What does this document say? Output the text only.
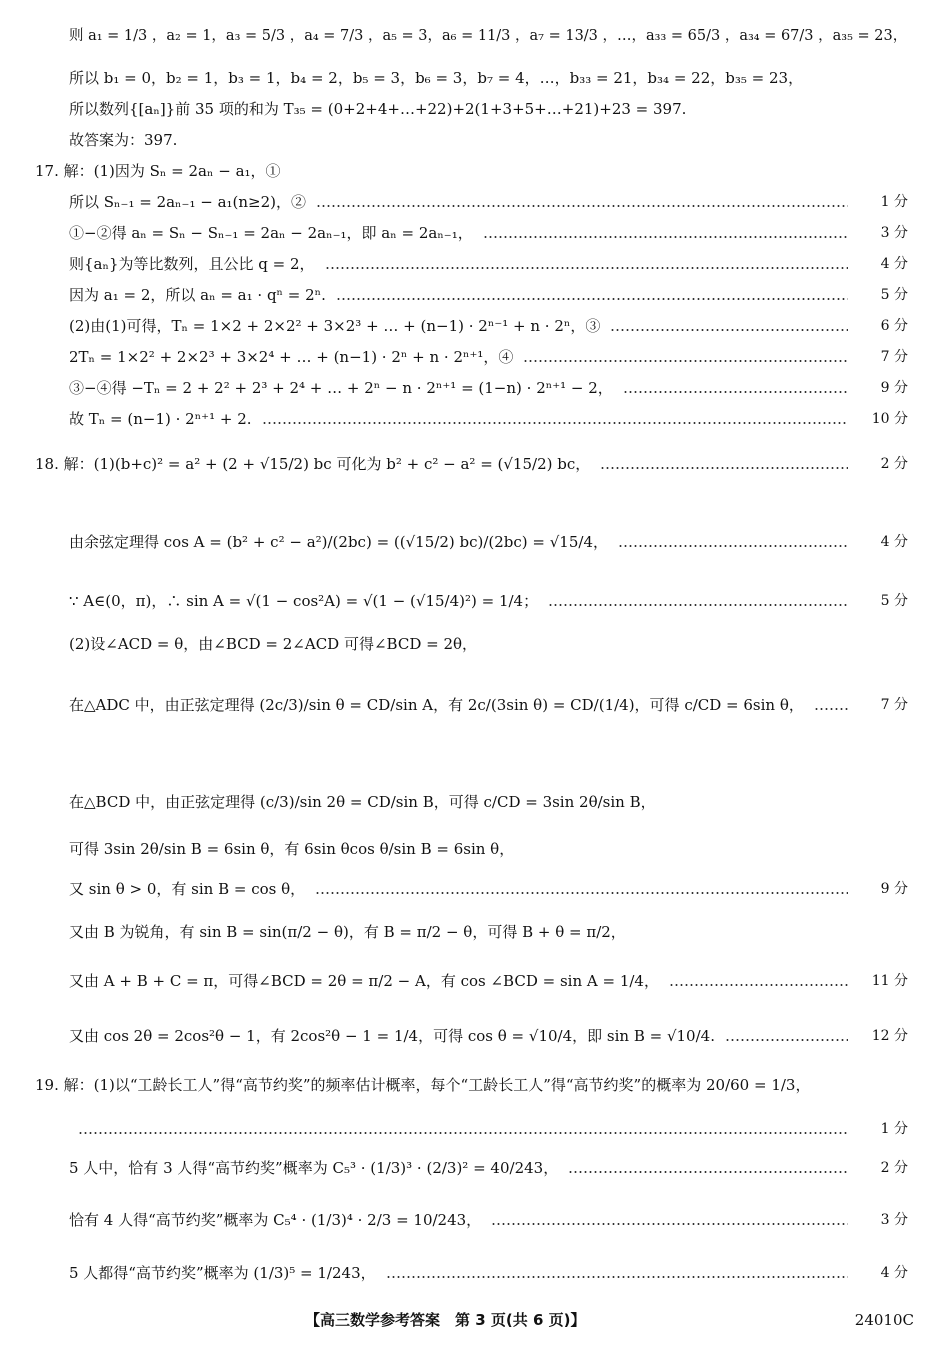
则 a₁ = 1/3 ，a₂ = 1，a₃ = 5/3 ，a₄ = 7/3 ，a₅ = 3，a₆ = 11/3 ，a₇ = 13/3 ，…，a₃₃ = 65/3 ，a₃₄ = 67/3 ，a₃₅ = 23，
所以 b₁ = 0，b₂ = 1，b₃ = 1，b₄ = 2，b₅ = 3，b₆ = 3，b₇ = 4，…，b₃₃ = 21，b₃₄ = 22，b₃₅ = 23，
所以数列{[aₙ]}前 35 项的和为 T₃₅ = (0+2+4+…+22)+2(1+3+5+…+21)+23 = 397.
故答案为：397.
17. 解：(1)因为 Sₙ = 2aₙ − a₁，①
所以 Sₙ₋₁ = 2aₙ₋₁ − a₁(n≥2)，②	1 分
①−②得 aₙ = Sₙ − Sₙ₋₁ = 2aₙ − 2aₙ₋₁，即 aₙ = 2aₙ₋₁，	3 分
则{aₙ}为等比数列，且公比 q = 2，	4 分
因为 a₁ = 2，所以 aₙ = a₁ · qⁿ = 2ⁿ.	5 分
(2)由(1)可得，Tₙ = 1×2 + 2×2² + 3×2³ + … + (n−1) · 2ⁿ⁻¹ + n · 2ⁿ，③	6 分
2Tₙ = 1×2² + 2×2³ + 3×2⁴ + … + (n−1) · 2ⁿ + n · 2ⁿ⁺¹，④	7 分
③−④得 −Tₙ = 2 + 2² + 2³ + 2⁴ + … + 2ⁿ − n · 2ⁿ⁺¹ = (1−n) · 2ⁿ⁺¹ − 2，	9 分
故 Tₙ = (n−1) · 2ⁿ⁺¹ + 2.	10 分
18. 解：(1)(b+c)² = a² + (2 + √15/2) bc 可化为 b² + c² − a² = (√15/2) bc，	2 分
由余弦定理得 cos A = (b² + c² − a²)/(2bc) = ((√15/2) bc)/(2bc) = √15/4，	4 分
∵ A∈(0，π)，∴ sin A = √(1 − cos²A) = √(1 − (√15/4)²) = 1/4；	5 分
(2)设∠ACD = θ，由∠BCD = 2∠ACD 可得∠BCD = 2θ，
在△ADC 中，由正弦定理得 (2c/3)/sin θ = CD/sin A，有 2c/(3sin θ) = CD/(1/4)，可得 c/CD = 6sin θ，	7 分
在△BCD 中，由正弦定理得 (c/3)/sin 2θ = CD/sin B，可得 c/CD = 3sin 2θ/sin B，
可得 3sin 2θ/sin B = 6sin θ，有 6sin θcos θ/sin B = 6sin θ，
又 sin θ > 0，有 sin B = cos θ，	9 分
又由 B 为锐角，有 sin B = sin(π/2 − θ)，有 B = π/2 − θ，可得 B + θ = π/2，
又由 A + B + C = π，可得∠BCD = 2θ = π/2 − A，有 cos ∠BCD = sin A = 1/4，	11 分
又由 cos 2θ = 2cos²θ − 1，有 2cos²θ − 1 = 1/4，可得 cos θ = √10/4，即 sin B = √10/4.	12 分
19. 解：(1)以“工龄长工人”得“高节约奖”的频率估计概率，每个“工龄长工人”得“高节约奖”的概率为 20/60 = 1/3，
1 分
5 人中，恰有 3 人得“高节约奖”概率为 C₅³ · (1/3)³ · (2/3)² = 40/243，	2 分
恰有 4 人得“高节约奖”概率为 C₅⁴ · (1/3)⁴ · 2/3 = 10/243，	3 分
5 人都得“高节约奖”概率为 (1/3)⁵ = 1/243，	4 分
【高三数学参考答案　第 3 页(共 6 页)】	24010C
